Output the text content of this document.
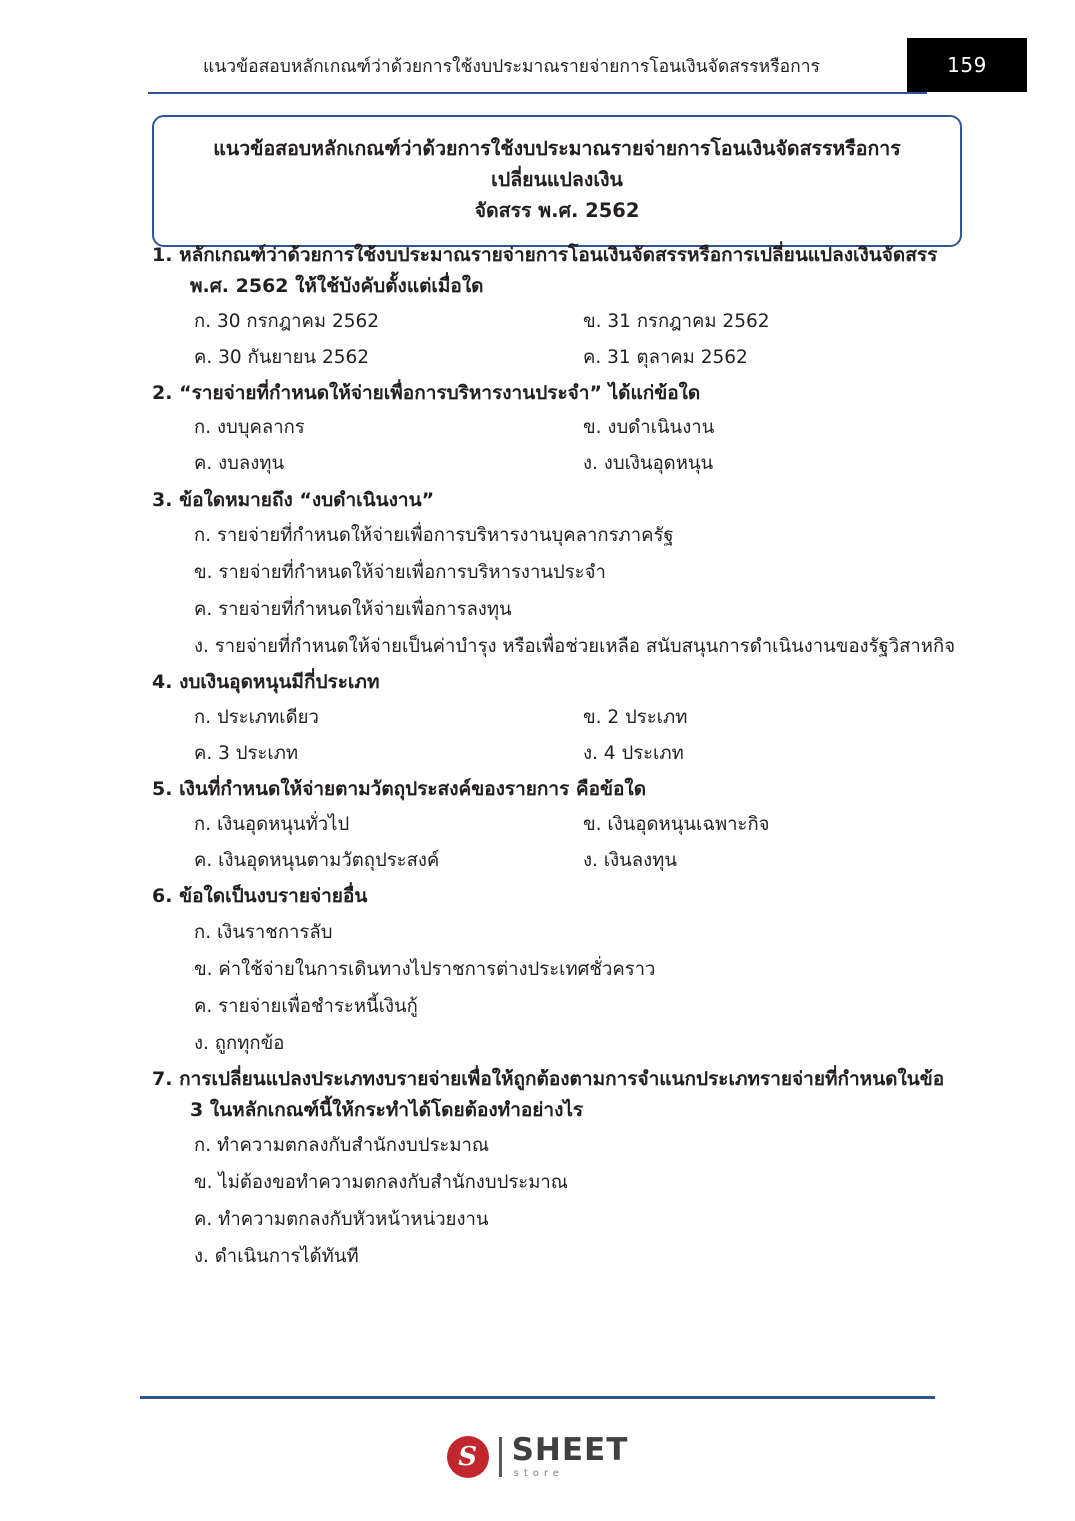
แนวข้อสอบหลักเกณฑ์ว่าด้วยการใช้งบประมาณรายจ่ายการโอนเงินจัดสรรหรือการ	159
แนวข้อสอบหลักเกณฑ์ว่าด้วยการใช้งบประมาณรายจ่ายการโอนเงินจัดสรรหรือการเปลี่ยนแปลงเงิน
จัดสรร พ.ศ. 2562
1. หลักเกณฑ์ว่าด้วยการใช้งบประมาณรายจ่ายการโอนเงินจัดสรรหรือการเปลี่ยนแปลงเงินจัดสรร
พ.ศ. 2562 ให้ใช้บังคับตั้งแต่เมื่อใด
ก. 30 กรกฎาคม 2562	ข. 31 กรกฎาคม 2562
ค. 30 กันยายน 2562	ค. 31 ตุลาคม 2562
2. “รายจ่ายที่กำหนดให้จ่ายเพื่อการบริหารงานประจำ” ได้แก่ข้อใด
ก. งบบุคลากร	ข. งบดำเนินงาน
ค. งบลงทุน	ง. งบเงินอุดหนุน
3. ข้อใดหมายถึง “งบดำเนินงาน”
ก. รายจ่ายที่กำหนดให้จ่ายเพื่อการบริหารงานบุคลากรภาครัฐ
ข. รายจ่ายที่กำหนดให้จ่ายเพื่อการบริหารงานประจำ
ค. รายจ่ายที่กำหนดให้จ่ายเพื่อการลงทุน
ง. รายจ่ายที่กำหนดให้จ่ายเป็นค่าบำรุง หรือเพื่อช่วยเหลือ สนับสนุนการดำเนินงานของรัฐวิสาหกิจ
4. งบเงินอุดหนุนมีกี่ประเภท
ก. ประเภทเดียว	ข. 2 ประเภท
ค. 3 ประเภท	ง. 4 ประเภท
5. เงินที่กำหนดให้จ่ายตามวัตถุประสงค์ของรายการ คือข้อใด
ก. เงินอุดหนุนทั่วไป	ข. เงินอุดหนุนเฉพาะกิจ
ค. เงินอุดหนุนตามวัตถุประสงค์	ง. เงินลงทุน
6. ข้อใดเป็นงบรายจ่ายอื่น
ก. เงินราชการลับ
ข. ค่าใช้จ่ายในการเดินทางไปราชการต่างประเทศชั่วคราว
ค. รายจ่ายเพื่อชำระหนี้เงินกู้
ง. ถูกทุกข้อ
7. การเปลี่ยนแปลงประเภทงบรายจ่ายเพื่อให้ถูกต้องตามการจำแนกประเภทรายจ่ายที่กำหนดในข้อ
3 ในหลักเกณฑ์นี้ให้กระทำได้โดยต้องทำอย่างไร
ก. ทำความตกลงกับสำนักงบประมาณ
ข. ไม่ต้องขอทำความตกลงกับสำนักงบประมาณ
ค. ทำความตกลงกับหัวหน้าหน่วยงาน
ง. ดำเนินการได้ทันที
S SHEET
store
